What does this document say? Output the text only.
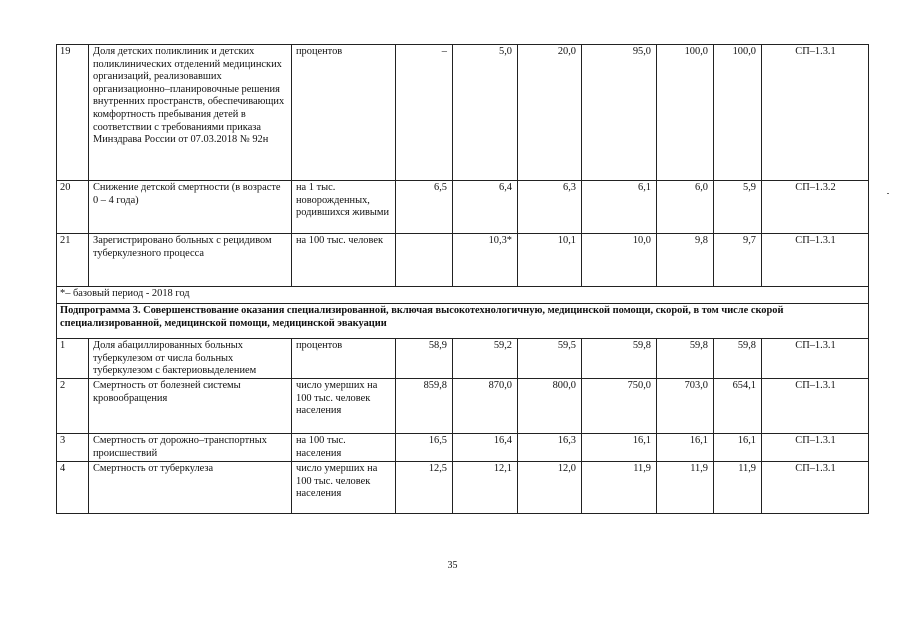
19	Доля детских поликлиник и детских поликлинических отделений медицинских организаций, реализовавших организационно–планировочные решения внутренних пространств, обеспечивающих комфортность пребывания детей в соответствии с требованиями приказа Минздрава России от 07.03.2018 № 92н	процентов	–	5,0	20,0	95,0	100,0	100,0	СП–1.3.1
20	Снижение детской смертности (в возрасте 0 – 4 года)	на 1 тыс. новорожденных, родившихся живыми	6,5	6,4	6,3	6,1	6,0	5,9	СП–1.3.2
21	Зарегистрировано больных с рецидивом туберкулезного процесса	на 100 тыс. человек		10,3*	10,1	10,0	9,8	9,7	СП–1.3.1
*– базовый период - 2018 год									
Подпрограмма 3. Совершенствование оказания специализированной, включая высокотехнологичную, медицинской помощи, скорой, в том числе скорой специализированной, медицинской помощи, медицинской эвакуации									
1	Доля абациллированных больных туберкулезом от числа больных туберкулезом с бактериовыделением	процентов	58,9	59,2	59,5	59,8	59,8	59,8	СП–1.3.1
2	Смертность от болезней системы кровообращения	число умерших на 100 тыс. человек населения	859,8	870,0	800,0	750,0	703,0	654,1	СП–1.3.1
3	Смертность от дорожно–транспортных происшествий	на 100 тыс. населения	16,5	16,4	16,3	16,1	16,1	16,1	СП–1.3.1
4	Смертность от туберкулеза	число умерших на 100 тыс. человек населения	12,5	12,1	12,0	11,9	11,9	11,9	СП–1.3.1
35
